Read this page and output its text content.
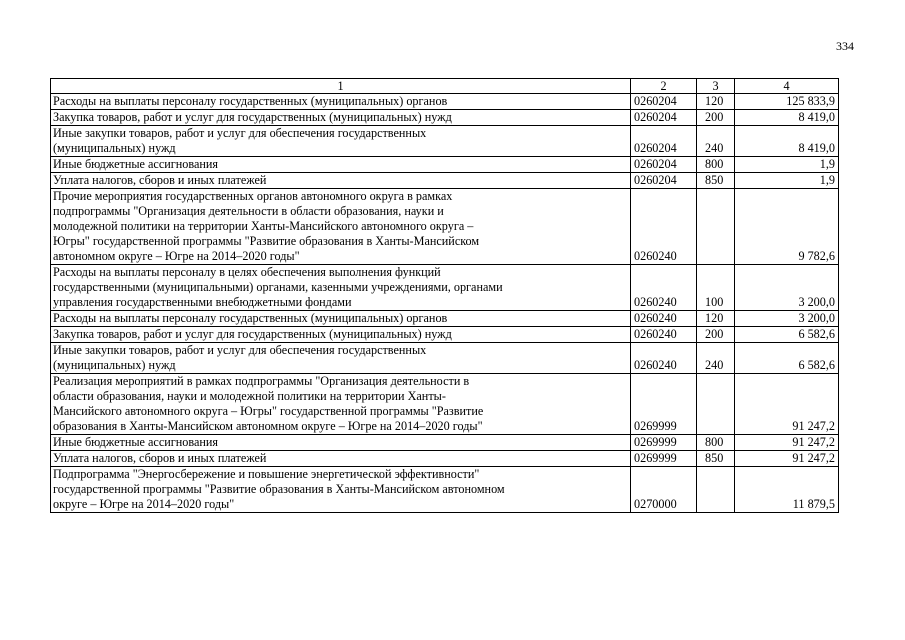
334
1	2	3	4
Расходы на выплаты персоналу государственных (муниципальных) органов	0260204	120	125 833,9
Закупка товаров, работ и услуг для государственных (муниципальных) нужд	0260204	200	8 419,0
Иные закупки товаров, работ и услуг для обеспечения государственных
(муниципальных) нужд	0260204	240	8 419,0
Иные бюджетные ассигнования	0260204	800	1,9
Уплата налогов, сборов и иных платежей	0260204	850	1,9
Прочие мероприятия государственных органов автономного округа в рамках
подпрограммы "Организация деятельности в области образования, науки и
молодежной политики на территории Ханты-Мансийского автономного округа –
Югры" государственной программы "Развитие образования в Ханты-Мансийском
автономном округе – Югре на 2014–2020 годы"	0260240		9 782,6
Расходы на выплаты персоналу в целях обеспечения выполнения функций
государственными (муниципальными) органами, казенными учреждениями, органами
управления государственными внебюджетными фондами	0260240	100	3 200,0
Расходы на выплаты персоналу государственных (муниципальных) органов	0260240	120	3 200,0
Закупка товаров, работ и услуг для государственных (муниципальных) нужд	0260240	200	6 582,6
Иные закупки товаров, работ и услуг для обеспечения государственных
(муниципальных) нужд	0260240	240	6 582,6
Реализация мероприятий в рамках подпрограммы "Организация деятельности в
области образования, науки и молодежной политики на территории Ханты-
Мансийского автономного округа – Югры" государственной программы "Развитие
образования в Ханты-Мансийском автономном округе – Югре на 2014–2020 годы"	0269999		91 247,2
Иные бюджетные ассигнования	0269999	800	91 247,2
Уплата налогов, сборов и иных платежей	0269999	850	91 247,2
Подпрограмма "Энергосбережение и повышение энергетической эффективности"
государственной программы "Развитие образования в Ханты-Мансийском автономном
округе – Югре на 2014–2020 годы"	0270000		11 879,5
